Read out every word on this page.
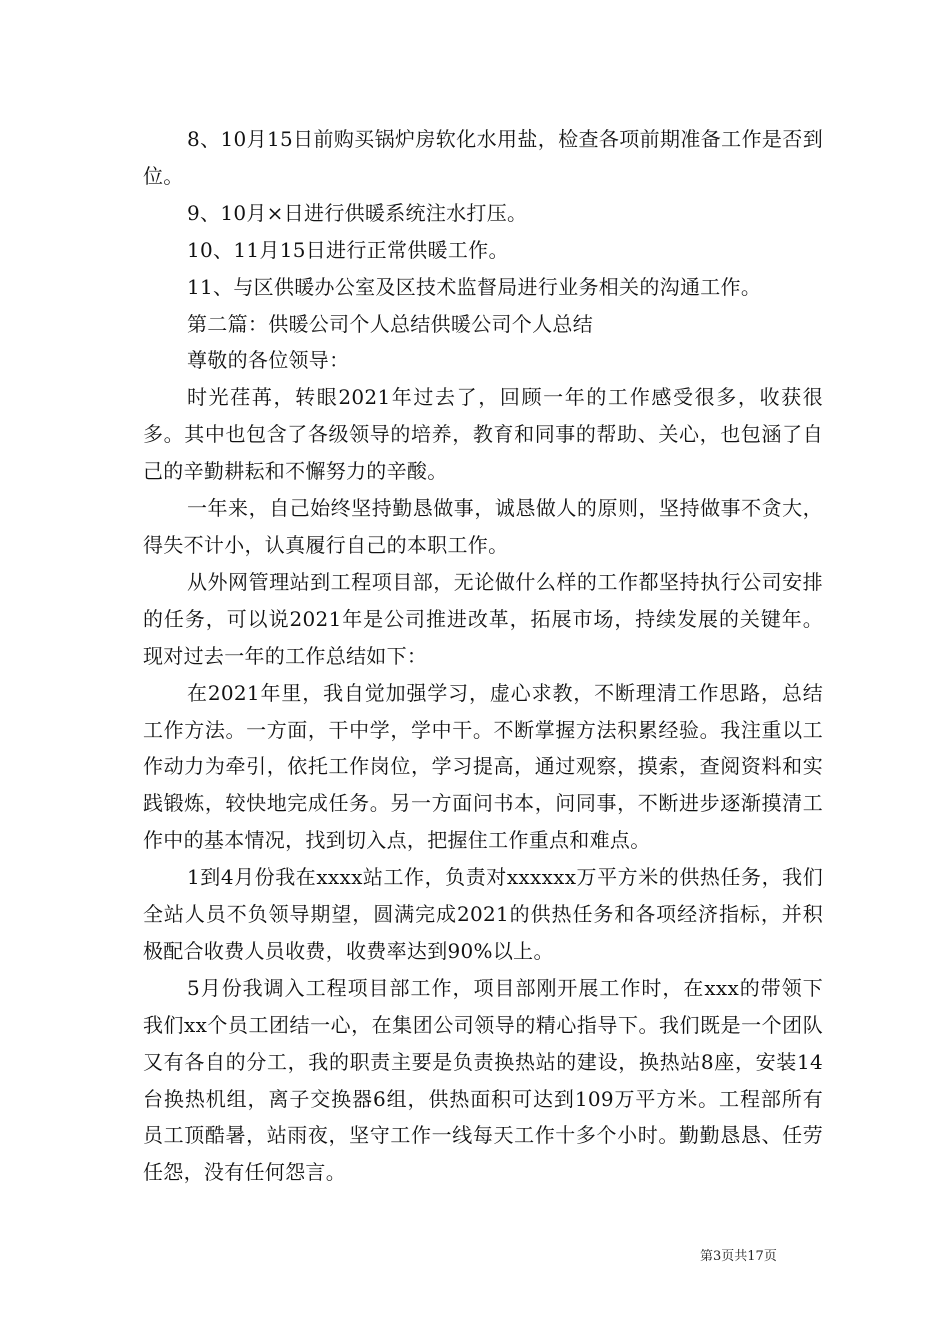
8、10月15日前购买锅炉房软化水用盐，检查各项前期准备工作是否到位。

9、10月×日进行供暖系统注水打压。

10、11月15日进行正常供暖工作。

11、与区供暖办公室及区技术监督局进行业务相关的沟通工作。

第二篇：供暖公司个人总结供暖公司个人总结

尊敬的各位领导：

时光荏苒，转眼2021年过去了，回顾一年的工作感受很多，收获很多。其中也包含了各级领导的培养，教育和同事的帮助、关心，也包涵了自己的辛勤耕耘和不懈努力的辛酸。

一年来，自己始终坚持勤恳做事，诚恳做人的原则，坚持做事不贪大，得失不计小，认真履行自己的本职工作。

从外网管理站到工程项目部，无论做什么样的工作都坚持执行公司安排的任务，可以说2021年是公司推进改革，拓展市场，持续发展的关键年。现对过去一年的工作总结如下：

在2021年里，我自觉加强学习，虚心求教，不断理清工作思路，总结工作方法。一方面，干中学，学中干。不断掌握方法积累经验。我注重以工作动力为牵引，依托工作岗位，学习提高，通过观察，摸索，查阅资料和实践锻炼，较快地完成任务。另一方面问书本，问同事，不断进步逐渐摸清工作中的基本情况，找到切入点，把握住工作重点和难点。

1到4月份我在xxxx站工作，负责对xxxxxx万平方米的供热任务，我们全站人员不负领导期望，圆满完成2021的供热任务和各项经济指标，并积极配合收费人员收费，收费率达到90%以上。

5月份我调入工程项目部工作，项目部刚开展工作时，在xxx的带领下我们xx个员工团结一心，在集团公司领导的精心指导下。我们既是一个团队又有各自的分工，我的职责主要是负责换热站的建设，换热站8座，安装14台换热机组，离子交换器6组，供热面积可达到109万平方米。工程部所有员工顶酷暑，站雨夜，坚守工作一线每天工作十多个小时。勤勤恳恳、任劳任怨，没有任何怨言。

第3页共17页
